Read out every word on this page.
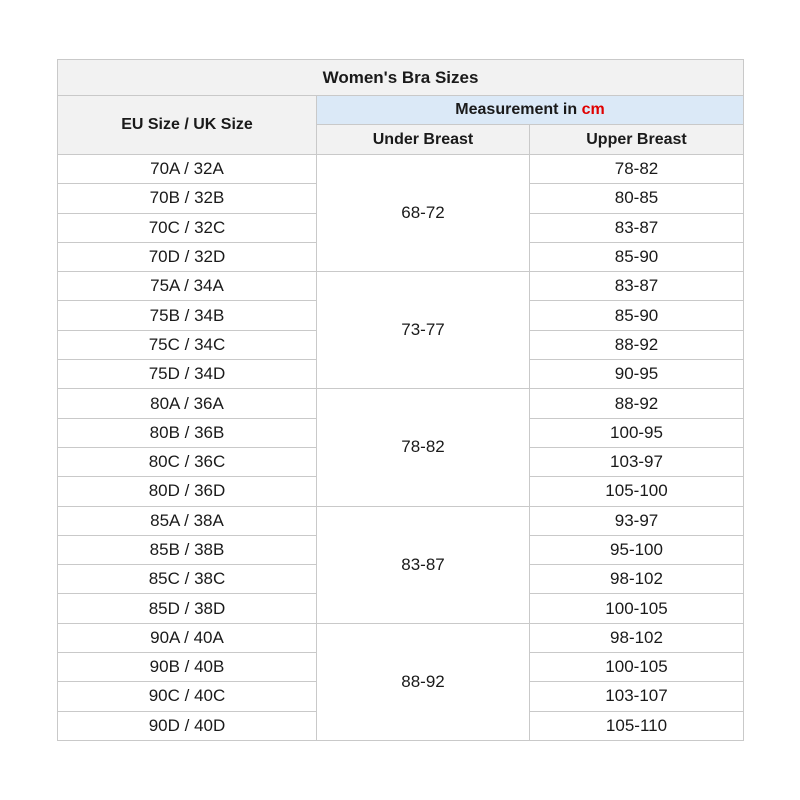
Women's Bra Sizes		
EU Size / UK Size	Measurement in cm	
	Under Breast	Upper Breast
70A / 32A	68-72	78-82
70B / 32B		80-85
70C / 32C		83-87
70D / 32D		85-90
75A / 34A	73-77	83-87
75B / 34B		85-90
75C / 34C		88-92
75D / 34D		90-95
80A / 36A	78-82	88-92
80B / 36B		100-95
80C / 36C		103-97
80D / 36D		105-100
85A / 38A	83-87	93-97
85B / 38B		95-100
85C / 38C		98-102
85D / 38D		100-105
90A / 40A	88-92	98-102
90B / 40B		100-105
90C / 40C		103-107
90D / 40D		105-110
